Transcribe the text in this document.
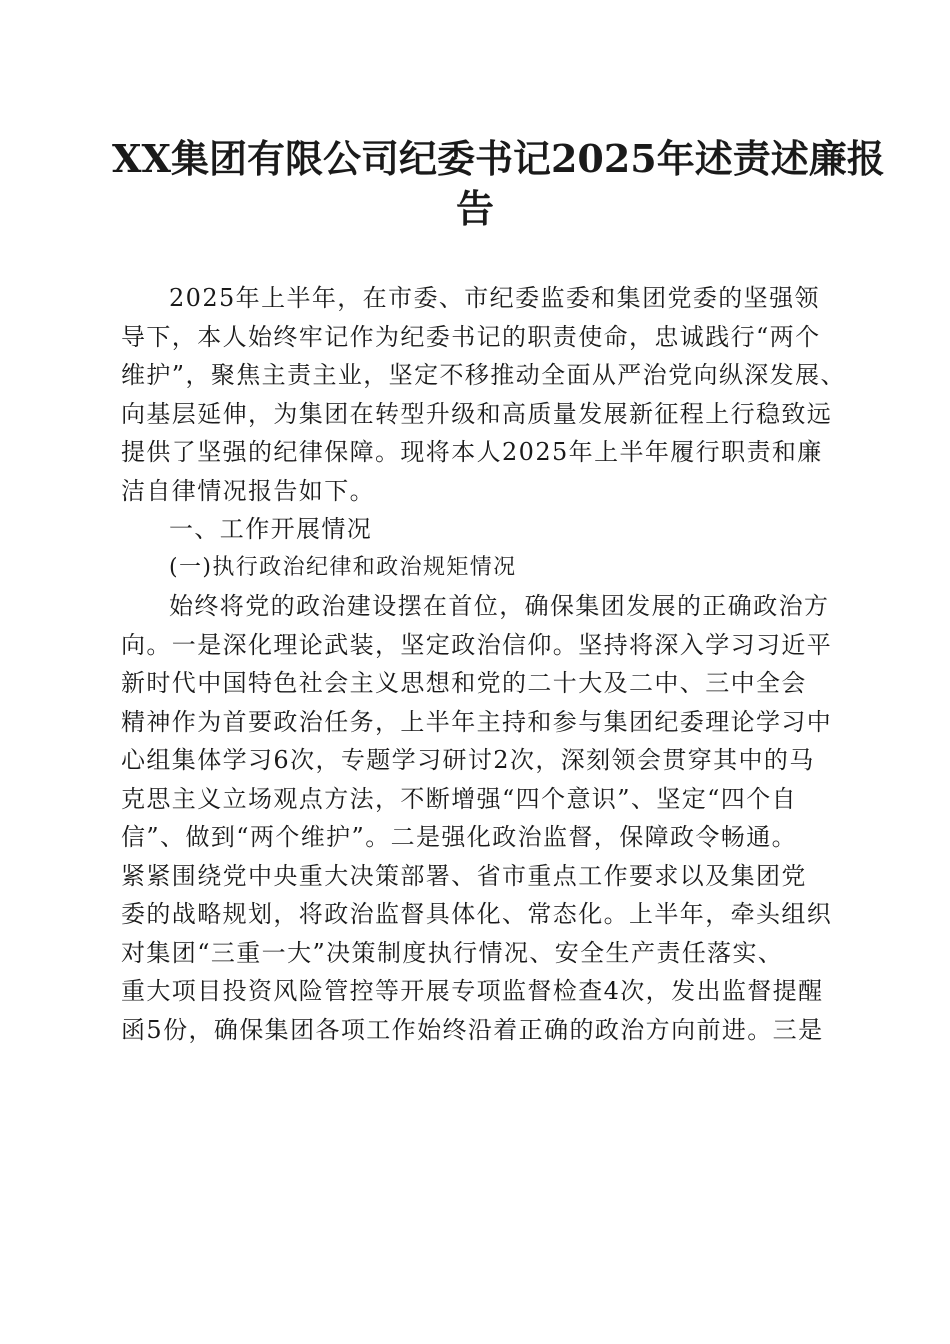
XX集团有限公司纪委书记2025年述责述廉报
告

2025年上半年，在市委、市纪委监委和集团党委的坚强领
导下，本人始终牢记作为纪委书记的职责使命，忠诚践行“两个
维护”，聚焦主责主业，坚定不移推动全面从严治党向纵深发展、
向基层延伸，为集团在转型升级和高质量发展新征程上行稳致远
提供了坚强的纪律保障。现将本人2025年上半年履行职责和廉
洁自律情况报告如下。

一、工作开展情况

(一)执行政治纪律和政治规矩情况

始终将党的政治建设摆在首位，确保集团发展的正确政治方
向。一是深化理论武装，坚定政治信仰。坚持将深入学习习近平
新时代中国特色社会主义思想和党的二十大及二中、三中全会
精神作为首要政治任务，上半年主持和参与集团纪委理论学习中
心组集体学习6次，专题学习研讨2次，深刻领会贯穿其中的马
克思主义立场观点方法，不断增强“四个意识”、坚定“四个自
信”、做到“两个维护”。二是强化政治监督，保障政令畅通。
紧紧围绕党中央重大决策部署、省市重点工作要求以及集团党
委的战略规划，将政治监督具体化、常态化。上半年，牵头组织
对集团“三重一大”决策制度执行情况、安全生产责任落实、
重大项目投资风险管控等开展专项监督检查4次，发出监督提醒
函5份，确保集团各项工作始终沿着正确的政治方向前进。三是
